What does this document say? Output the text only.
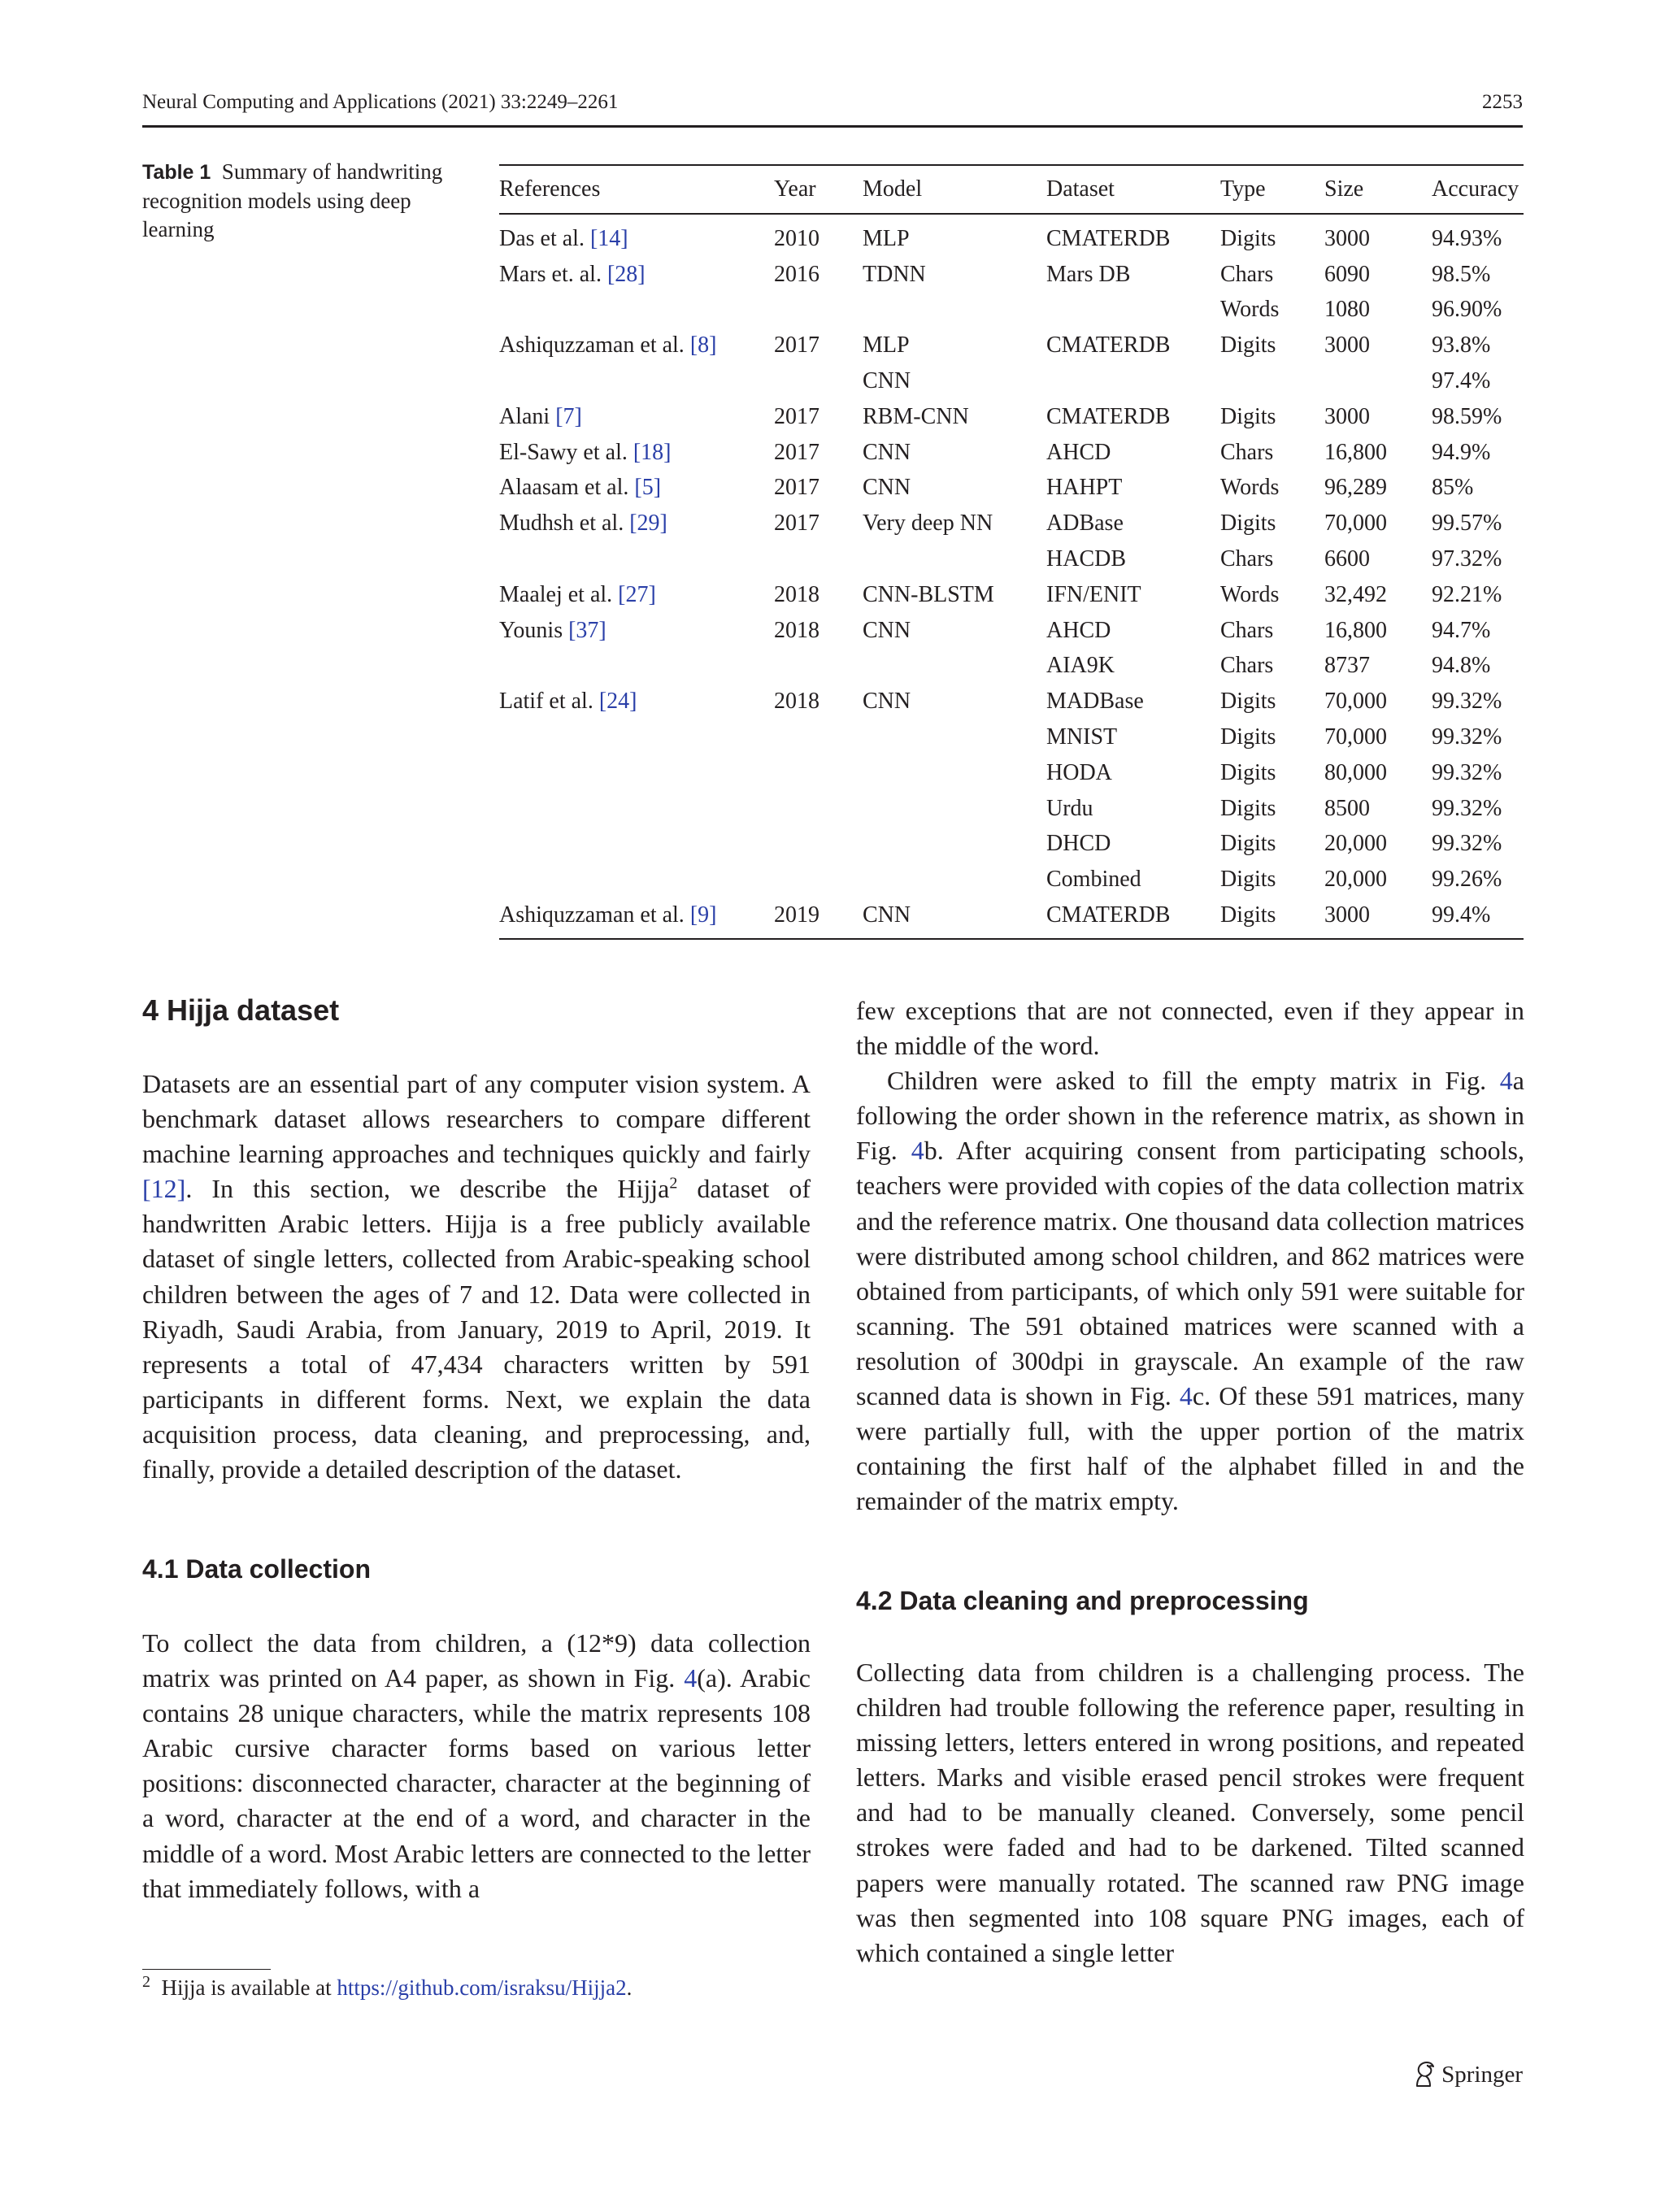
Neural Computing and Applications (2021) 33:2249–2261	2253
Table 1 Summary of handwriting recognition models using deep learning
References	Year	Model	Dataset	Type	Size	Accuracy
Das et al. [14]	2010	MLP	CMATERDB	Digits	3000	94.93%
Mars et. al. [28]	2016	TDNN	Mars DB	Chars	6090	98.5%
				Words	1080	96.90%
Ashiquzzaman et al. [8]	2017	MLP	CMATERDB	Digits	3000	93.8%
		CNN				97.4%
Alani [7]	2017	RBM-CNN	CMATERDB	Digits	3000	98.59%
El-Sawy et al. [18]	2017	CNN	AHCD	Chars	16,800	94.9%
Alaasam et al. [5]	2017	CNN	HAHPT	Words	96,289	85%
Mudhsh et al. [29]	2017	Very deep NN	ADBase	Digits	70,000	99.57%
			HACDB	Chars	6600	97.32%
Maalej et al. [27]	2018	CNN-BLSTM	IFN/ENIT	Words	32,492	92.21%
Younis [37]	2018	CNN	AHCD	Chars	16,800	94.7%
			AIA9K	Chars	8737	94.8%
Latif et al. [24]	2018	CNN	MADBase	Digits	70,000	99.32%
			MNIST	Digits	70,000	99.32%
			HODA	Digits	80,000	99.32%
			Urdu	Digits	8500	99.32%
			DHCD	Digits	20,000	99.32%
			Combined	Digits	20,000	99.26%
Ashiquzzaman et al. [9]	2019	CNN	CMATERDB	Digits	3000	99.4%
4 Hijja dataset

Datasets are an essential part of any computer vision system. A benchmark dataset allows researchers to compare different machine learning approaches and techniques quickly and fairly [12]. In this section, we describe the Hijja$^2$ dataset of handwritten Arabic letters. Hijja is a free publicly available dataset of single letters, collected from Arabic-speaking school children between the ages of 7 and 12. Data were collected in Riyadh, Saudi Arabia, from January, 2019 to April, 2019. It represents a total of 47,434 characters written by 591 participants in different forms. Next, we explain the data acquisition process, data cleaning, and preprocessing, and, finally, provide a detailed description of the dataset.

4.1 Data collection

To collect the data from children, a (12*9) data collection matrix was printed on A4 paper, as shown in Fig. 4(a). Arabic contains 28 unique characters, while the matrix represents 108 Arabic cursive character forms based on various letter positions: disconnected character, character at the beginning of a word, character at the end of a word, and character in the middle of a word. Most Arabic letters are connected to the letter that immediately follows, with a

few exceptions that are not connected, even if they appear in the middle of the word.

Children were asked to fill the empty matrix in Fig. 4a following the order shown in the reference matrix, as shown in Fig. 4b. After acquiring consent from participating schools, teachers were provided with copies of the data collection matrix and the reference matrix. One thousand data collection matrices were distributed among school children, and 862 matrices were obtained from participants, of which only 591 were suitable for scanning. The 591 obtained matrices were scanned with a resolution of 300dpi in grayscale. An example of the raw scanned data is shown in Fig. 4c. Of these 591 matrices, many were partially full, with the upper portion of the matrix containing the first half of the alphabet filled in and the remainder of the matrix empty.

4.2 Data cleaning and preprocessing

Collecting data from children is a challenging process. The children had trouble following the reference paper, resulting in missing letters, letters entered in wrong positions, and repeated letters. Marks and visible erased pencil strokes were frequent and had to be manually cleaned. Conversely, some pencil strokes were faded and had to be darkened. Tilted scanned papers were manually rotated. The scanned raw PNG image was then segmented into 108 square PNG images, each of which contained a single letter

$^2$ Hijja is available at https://github.com/israksu/Hijja2.
Springer
